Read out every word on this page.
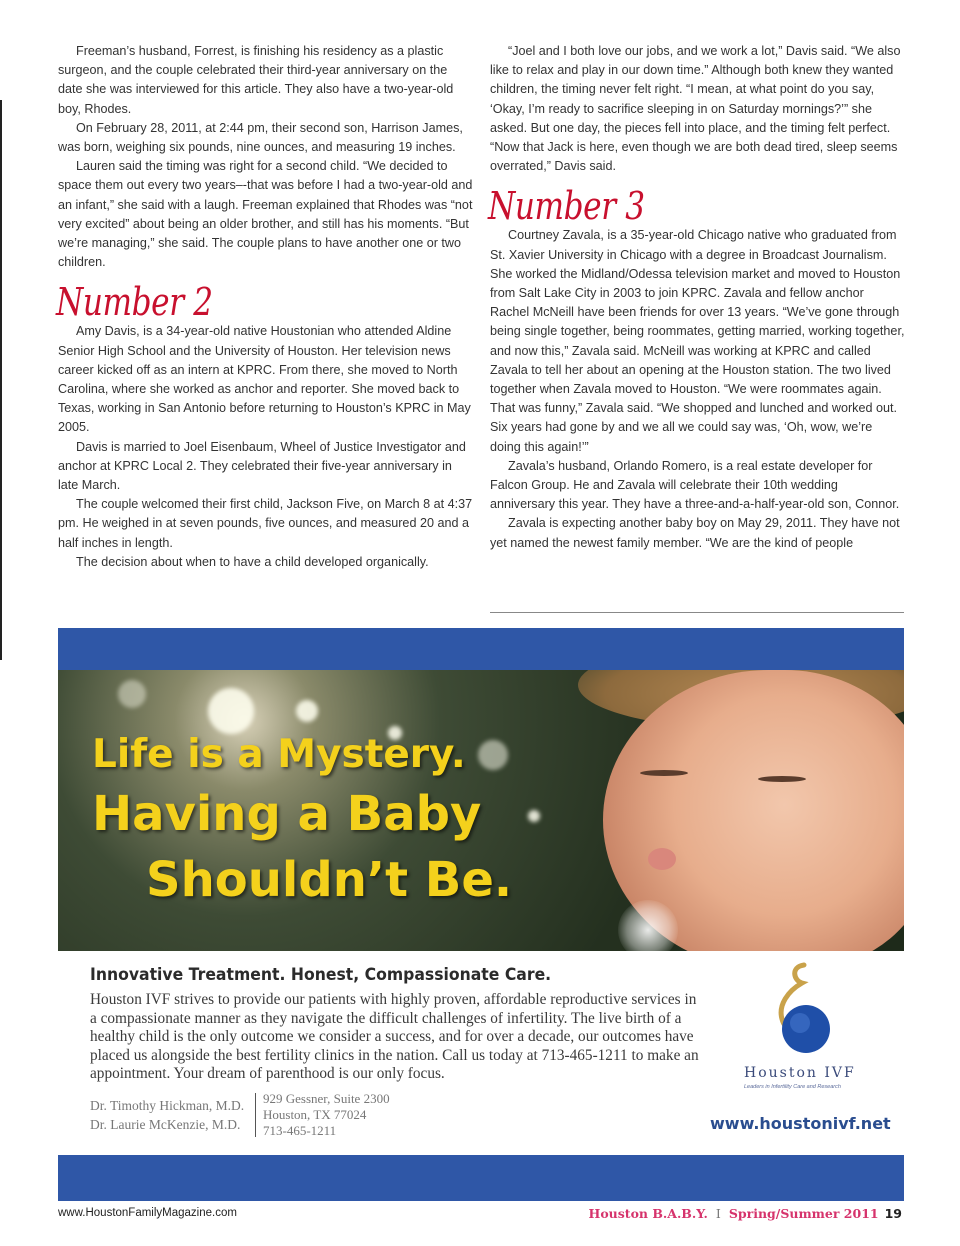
Freeman’s husband, Forrest, is finishing his residency as a plastic surgeon, and the couple celebrated their third-year anniversary on the date she was interviewed for this article. They also have a two-year-old boy, Rhodes.

On February 28, 2011, at 2:44 pm, their second son, Harrison James, was born, weighing six pounds, nine ounces, and measuring 19 inches.

Lauren said the timing was right for a second child. “We decided to space them out every two years–-that was before I had a two-year-old and an infant,” she said with a laugh. Freeman explained that Rhodes was “not very excited” about being an older brother, and still has his moments. “But we’re managing,” she said. The couple plans to have another one or two children.

Number 2

Amy Davis, is a 34-year-old native Houstonian who attended Aldine Senior High School and the University of Houston. Her television news career kicked off as an intern at KPRC. From there, she moved to North Carolina, where she worked as anchor and reporter. She moved back to Texas, working in San Antonio before returning to Houston’s KPRC in May 2005.

Davis is married to Joel Eisenbaum, Wheel of Justice Investigator and anchor at KPRC Local 2. They celebrated their five-year anniversary in late March.

The couple welcomed their first child, Jackson Five, on March 8 at 4:37 pm. He weighed in at seven pounds, five ounces, and measured 20 and a half inches in length.

The decision about when to have a child developed organically.

“Joel and I both love our jobs, and we work a lot,” Davis said. “We also like to relax and play in our down time.” Although both knew they wanted children, the timing never felt right. “I mean, at what point do you say, ‘Okay, I’m ready to sacrifice sleeping in on Saturday mornings?’” she asked. But one day, the pieces fell into place, and the timing felt perfect. “Now that Jack is here, even though we are both dead tired, sleep seems overrated,” Davis said.

Number 3

Courtney Zavala, is a 35-year-old Chicago native who graduated from St. Xavier University in Chicago with a degree in Broadcast Journalism. She worked the Midland/Odessa television market and moved to Houston from Salt Lake City in 2003 to join KPRC. Zavala and fellow anchor Rachel McNeill have been friends for over 13 years. “We’ve gone through being single together, being roommates, getting married, working together, and now this,” Zavala said. McNeill was working at KPRC and called Zavala to tell her about an opening at the Houston station. The two lived together when Zavala moved to Houston. “We were roommates again. That was funny,” Zavala said. “We shopped and lunched and worked out. Six years had gone by and we all we could say was, ‘Oh, wow, we’re doing this again!’”

Zavala’s husband, Orlando Romero, is a real estate developer for Falcon Group. He and Zavala will celebrate their 10th wedding anniversary this year. They have a three-and-a-half-year-old son, Connor.

Zavala is expecting another baby boy on May 29, 2011. They have not yet named the newest family member. “We are the kind of people

Life is a Mystery.
Having a Baby
Shouldn’t Be.
Innovative Treatment. Honest, Compassionate Care.
Houston IVF strives to provide our patients with highly proven, affordable reproductive services in a compassionate manner as they navigate the difficult challenges of infertility. The live birth of a healthy child is the only outcome we consider a success, and for over a decade, our outcomes have placed us alongside the best fertility clinics in the nation. Call us today at 713-465-1211 to make an appointment. Your dream of parenthood is our only focus.
Dr. Timothy Hickman, M.D.
Dr. Laurie McKenzie, M.D.
929 Gessner, Suite 2300
Houston, TX 77024
713-465-1211
Houston IVF
Leaders in Infertility Care and Research
www.houstonivf.net
www.HoustonFamilyMagazine.com	Houston B.A.B.Y. I Spring/Summer 2011 19
